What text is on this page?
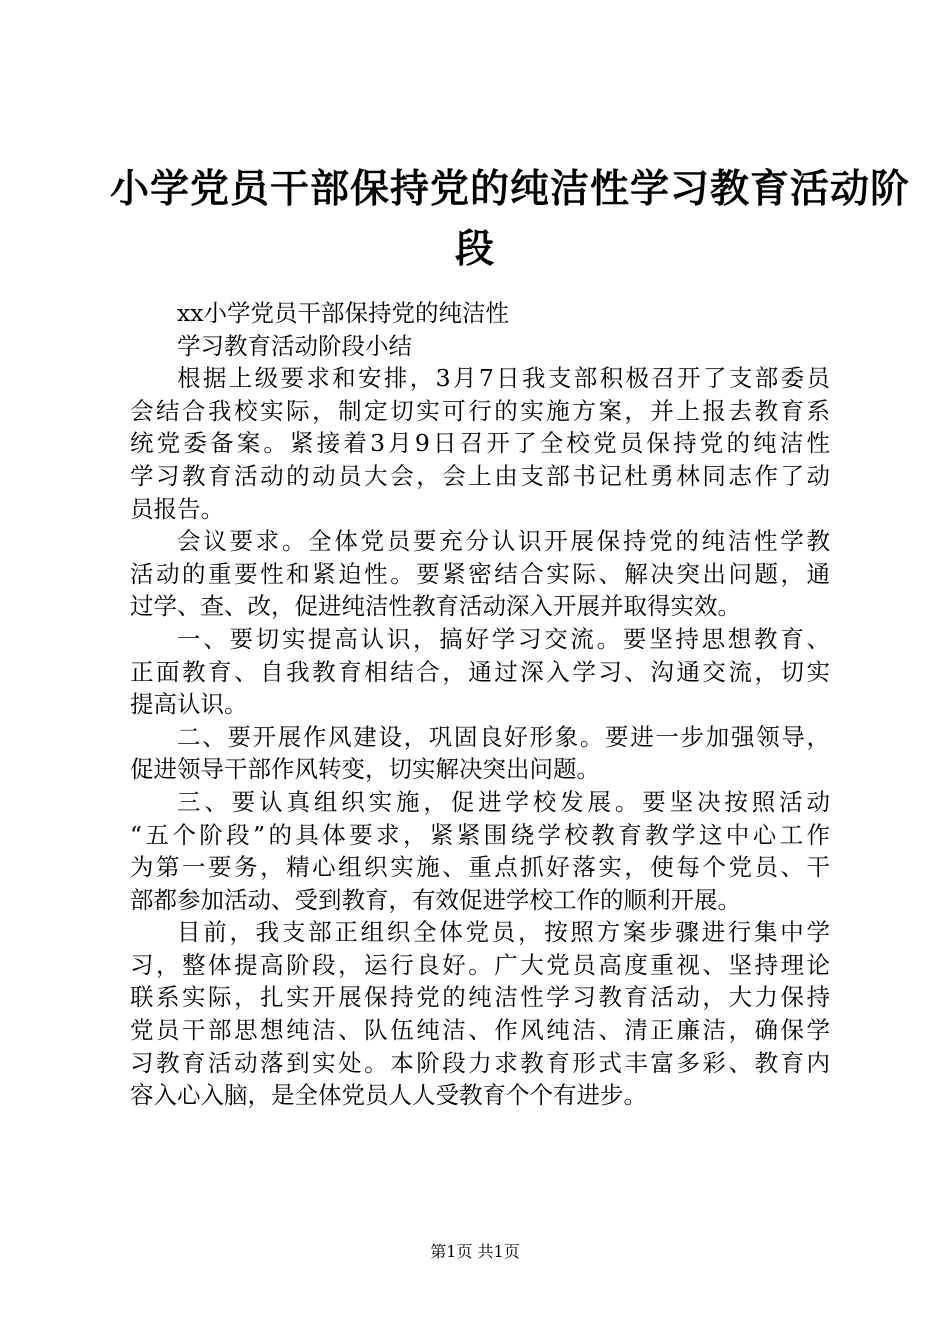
小学党员干部保持党的纯洁性学习教育活动阶
段
xx小学党员干部保持党的纯洁性
学习教育活动阶段小结
根据上级要求和安排，3月7日我支部积极召开了支部委员
会结合我校实际，制定切实可行的实施方案，并上报去教育系
统党委备案。紧接着3月9日召开了全校党员保持党的纯洁性
学习教育活动的动员大会，会上由支部书记杜勇林同志作了动
员报告。
会议要求。全体党员要充分认识开展保持党的纯洁性学教
活动的重要性和紧迫性。要紧密结合实际、解决突出问题，通
过学、查、改，促进纯洁性教育活动深入开展并取得实效。
一、要切实提高认识，搞好学习交流。要坚持思想教育、
正面教育、自我教育相结合，通过深入学习、沟通交流，切实
提高认识。
二、要开展作风建设，巩固良好形象。要进一步加强领导，
促进领导干部作风转变，切实解决突出问题。
三、要认真组织实施，促进学校发展。要坚决按照活动
“五个阶段”的具体要求，紧紧围绕学校教育教学这中心工作
为第一要务，精心组织实施、重点抓好落实，使每个党员、干
部都参加活动、受到教育，有效促进学校工作的顺利开展。
目前，我支部正组织全体党员，按照方案步骤进行集中学
习，整体提高阶段，运行良好。广大党员高度重视、坚持理论
联系实际，扎实开展保持党的纯洁性学习教育活动，大力保持
党员干部思想纯洁、队伍纯洁、作风纯洁、清正廉洁，确保学
习教育活动落到实处。本阶段力求教育形式丰富多彩、教育内
容入心入脑，是全体党员人人受教育个个有进步。
第1页 共1页
